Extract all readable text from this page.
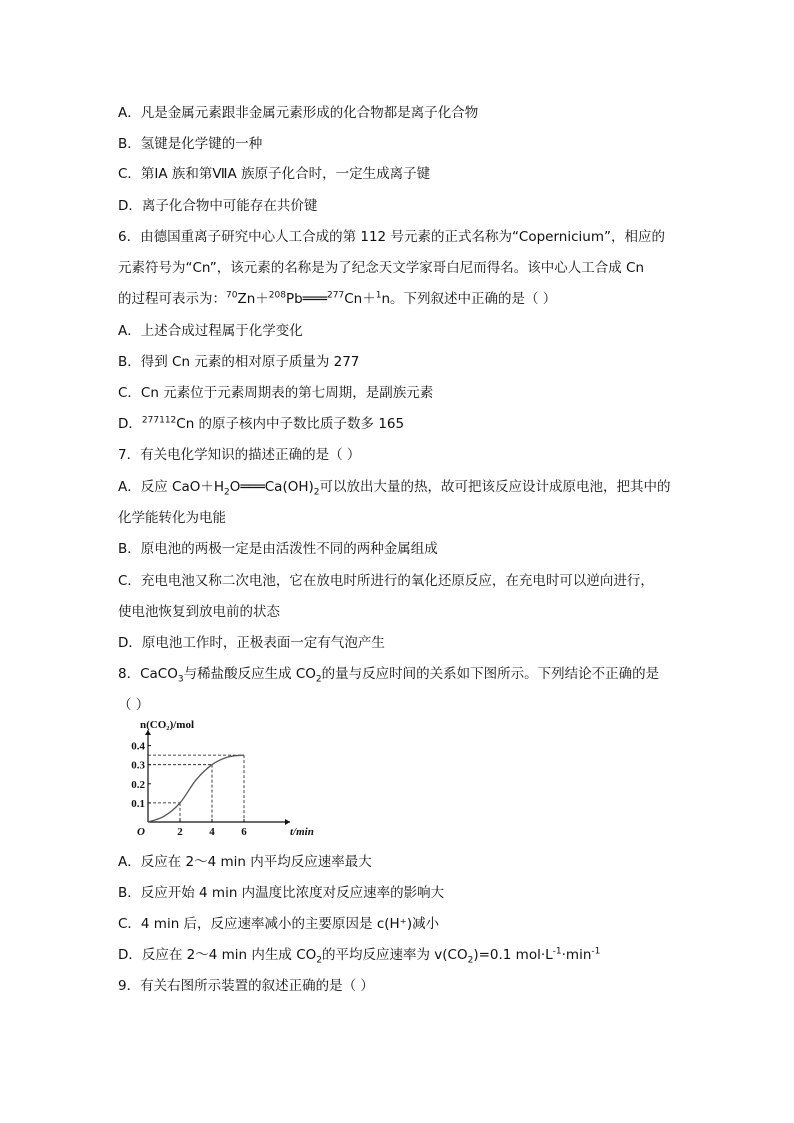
A．凡是金属元素跟非金属元素形成的化合物都是离子化合物
B．氢键是化学键的一种
C．第ⅠA 族和第ⅦA 族原子化合时，一定生成离子键
D．离子化合物中可能存在共价键
6．由德国重离子研究中心人工合成的第 112 号元素的正式名称为“Copernicium”，相应的
元素符号为“Cn”，该元素的名称是为了纪念天文学家哥白尼而得名。该中心人工合成 Cn
的过程可表示为：$^{70}$Zn＋$^{208}$Pb═══$^{277}$Cn＋$^1$n。下列叙述中正确的是（ ）
A．上述合成过程属于化学变化
B．得到 Cn 元素的相对原子质量为 277
C．Cn 元素位于元素周期表的第七周期，是副族元素
D．$^{277112}$Cn 的原子核内中子数比质子数多 165
7．有关电化学知识的描述正确的是（ ）
A．反应 $CaO+H_2O═══Ca(OH)_2$可以放出大量的热，故可把该反应设计成原电池，把其中的
化学能转化为电能
B．原电池的两极一定是由活泼性不同的两种金属组成
C．充电电池又称二次电池，它在放电时所进行的氧化还原反应，在充电时可以逆向进行，
使电池恢复到放电前的状态
D．原电池工作时，正极表面一定有气泡产生
8．CaCO$_3$与稀盐酸反应生成 $CO_2$的量与反应时间的关系如下图所示。下列结论不正确的是
（ ）
0.1
0.2
0.3
0.4
2 4 6
O	t/min
n(CO₂)/mol
A．反应在 2～4 min 内平均反应速率最大
B．反应开始 4 min 内温度比浓度对反应速率的影响大
C．4 min 后，反应速率减小的主要原因是 c(H⁺)减小
D．反应在 2～4 min 内生成 $CO_2$的平均反应速率为 $v(CO_2)=0.1$ $mol\cdot L^{-1}\cdot\min^{-1}$
9．有关右图所示装置的叙述正确的是（ ）
